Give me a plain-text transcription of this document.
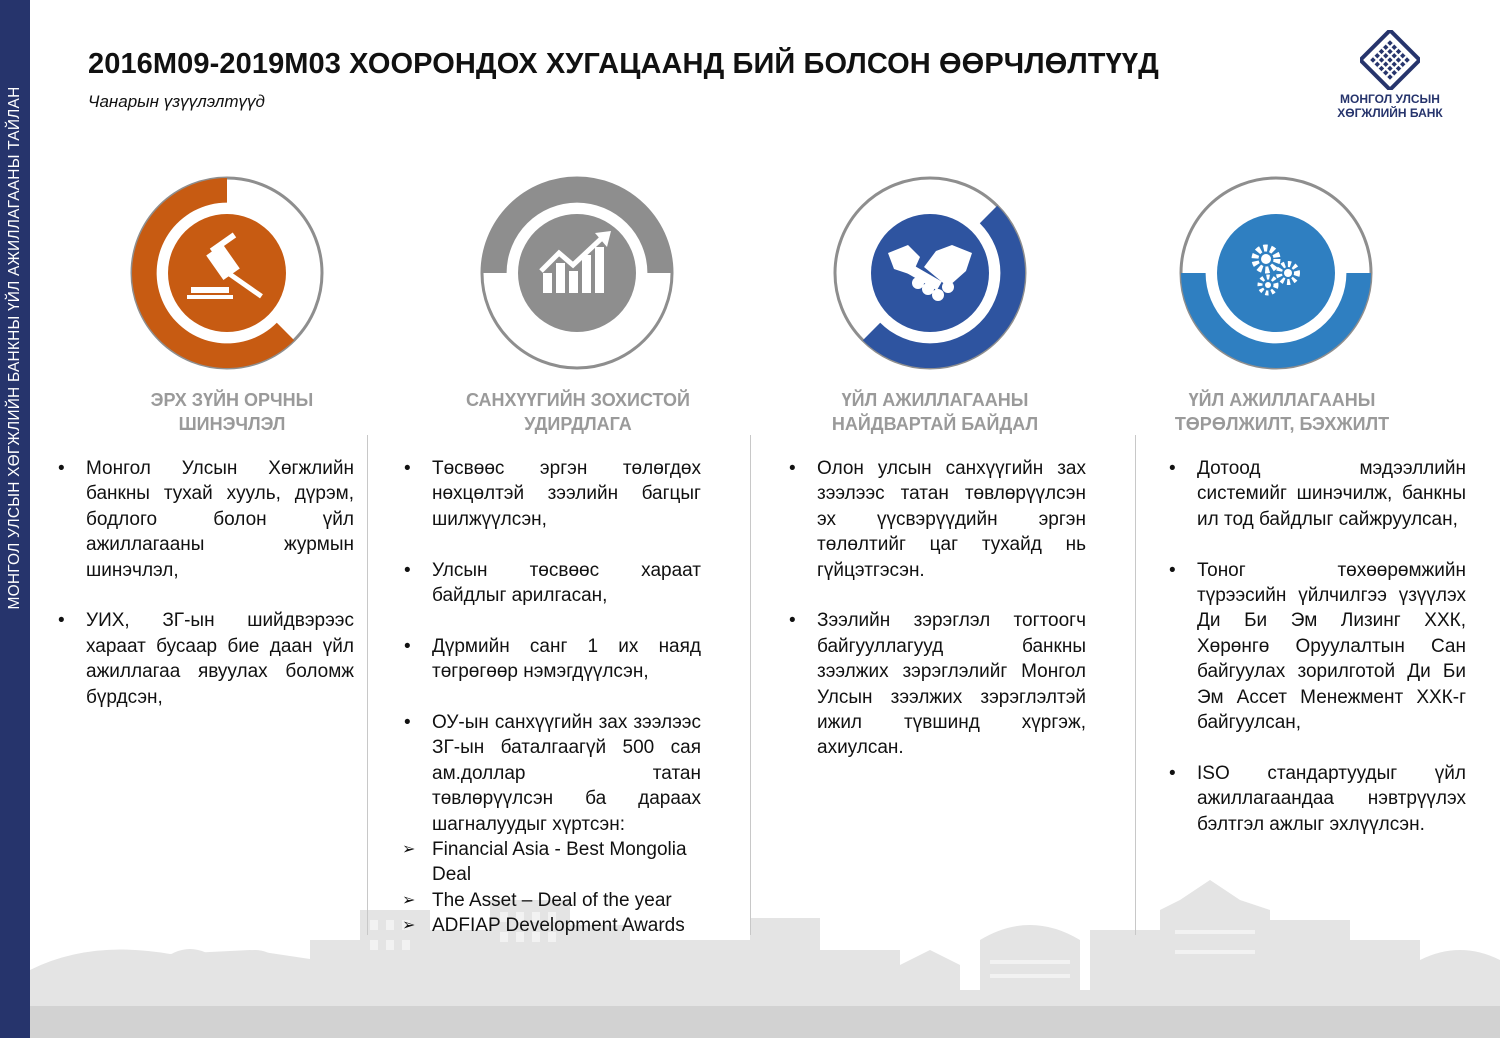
МОНГОЛ УЛСЫН ХӨГЖЛИЙН БАНКНЫ ҮЙЛ АЖИЛЛАГААНЫ ТАЙЛАН
2016М09-2019М03 ХООРОНДОХ ХУГАЦААНД БИЙ БОЛСОН ӨӨРЧЛӨЛТҮҮД
Чанарын үзүүлэлтүүд	МОНГОЛ УЛСЫН
ХӨГЖЛИЙН БАНК
ЭРХ ЗҮЙН ОРЧНЫ
ШИНЭЧЛЭЛ
САНХҮҮГИЙН ЗОХИСТОЙ
УДИРДЛАГА
ҮЙЛ АЖИЛЛАГААНЫ
НАЙДВАРТАЙ БАЙДАЛ
ҮЙЛ АЖИЛЛАГААНЫ
ТӨРӨЛЖИЛТ, БЭХЖИЛТ
• Монгол Улсын Хөгжлийн банкны тухай хууль, дүрэм, бодлого болон үйл ажиллагааны журмын шинэчлэл,
• УИХ, ЗГ-ын шийдвэрээс хараат бусаар бие даан үйл ажиллагаа явуулах боломж бүрдсэн,
• Төсвөөс эргэн төлөгдөх нөхцөлтэй зээлийн багцыг шилжүүлсэн,
• Улсын төсвөөс хараат байдлыг арилгасан,
• Дүрмийн санг 1 их наяд төгрөгөөр нэмэгдүүлсэн,
• ОУ-ын санхүүгийн зах зээлээс ЗГ-ын баталгаагүй 500 сая ам.доллар татан төвлөрүүлсэн ба дараах шагналуудыг хүртсэн:
➢ Financial Asia - Best Mongolia Deal
➢ The Asset – Deal of the year
➢ ADFIAP Development Awards
• Олон улсын санхүүгийн зах зээлээс татан төвлөрүүлсэн эх үүсвэрүүдийн эргэн төлөлтийг цаг тухайд нь гүйцэтгэсэн.
• Зээлийн зэрэглэл тогтоогч байгууллагууд банкны зээлжих зэрэглэлийг Монгол Улсын зээлжих зэрэглэлтэй ижил түвшинд хүргэж, ахиулсан.
• Дотоод мэдээллийн системийг шинэчилж, банкны ил тод байдлыг сайжруулсан,
• Тоног төхөөрөмжийн түрээсийн үйлчилгээ үзүүлэх Ди Би Эм Лизинг ХХК, Хөрөнгө Оруулалтын Сан байгуулах зорилготой Ди Би Эм Ассет Менежмент ХХК-г байгуулсан,
• ISO стандартуудыг үйл ажиллагаандаа нэвтрүүлэх бэлтгэл ажлыг эхлүүлсэн.
